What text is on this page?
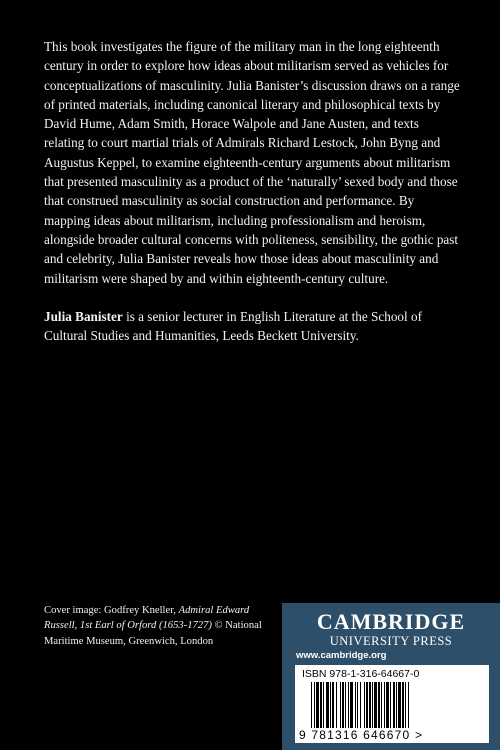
This book investigates the figure of the military man in the long eighteenth century in order to explore how ideas about militarism served as vehicles for conceptualizations of masculinity. Julia Banister’s discussion draws on a range of printed materials, including canonical literary and philosophical texts by David Hume, Adam Smith, Horace Walpole and Jane Austen, and texts relating to court martial trials of Admirals Richard Lestock, John Byng and Augustus Keppel, to examine eighteenth-century arguments about militarism that presented masculinity as a product of the ‘naturally’ sexed body and those that construed masculinity as social construction and performance. By mapping ideas about militarism, including professionalism and heroism, alongside broader cultural concerns with politeness, sensibility, the gothic past and celebrity, Julia Banister reveals how those ideas about masculinity and militarism were shaped by and within eighteenth-century culture.

Julia Banister is a senior lecturer in English Literature at the School of Cultural Studies and Humanities, Leeds Beckett University.

Cover image: Godfrey Kneller, Admiral Edward Russell, 1st Earl of Orford (1653-1727) © National Maritime Museum, Greenwich, London
CAMBRIDGE
UNIVERSITY PRESS
www.cambridge.org
ISBN 978-1-316-64667-0
9 781316 646670 >
